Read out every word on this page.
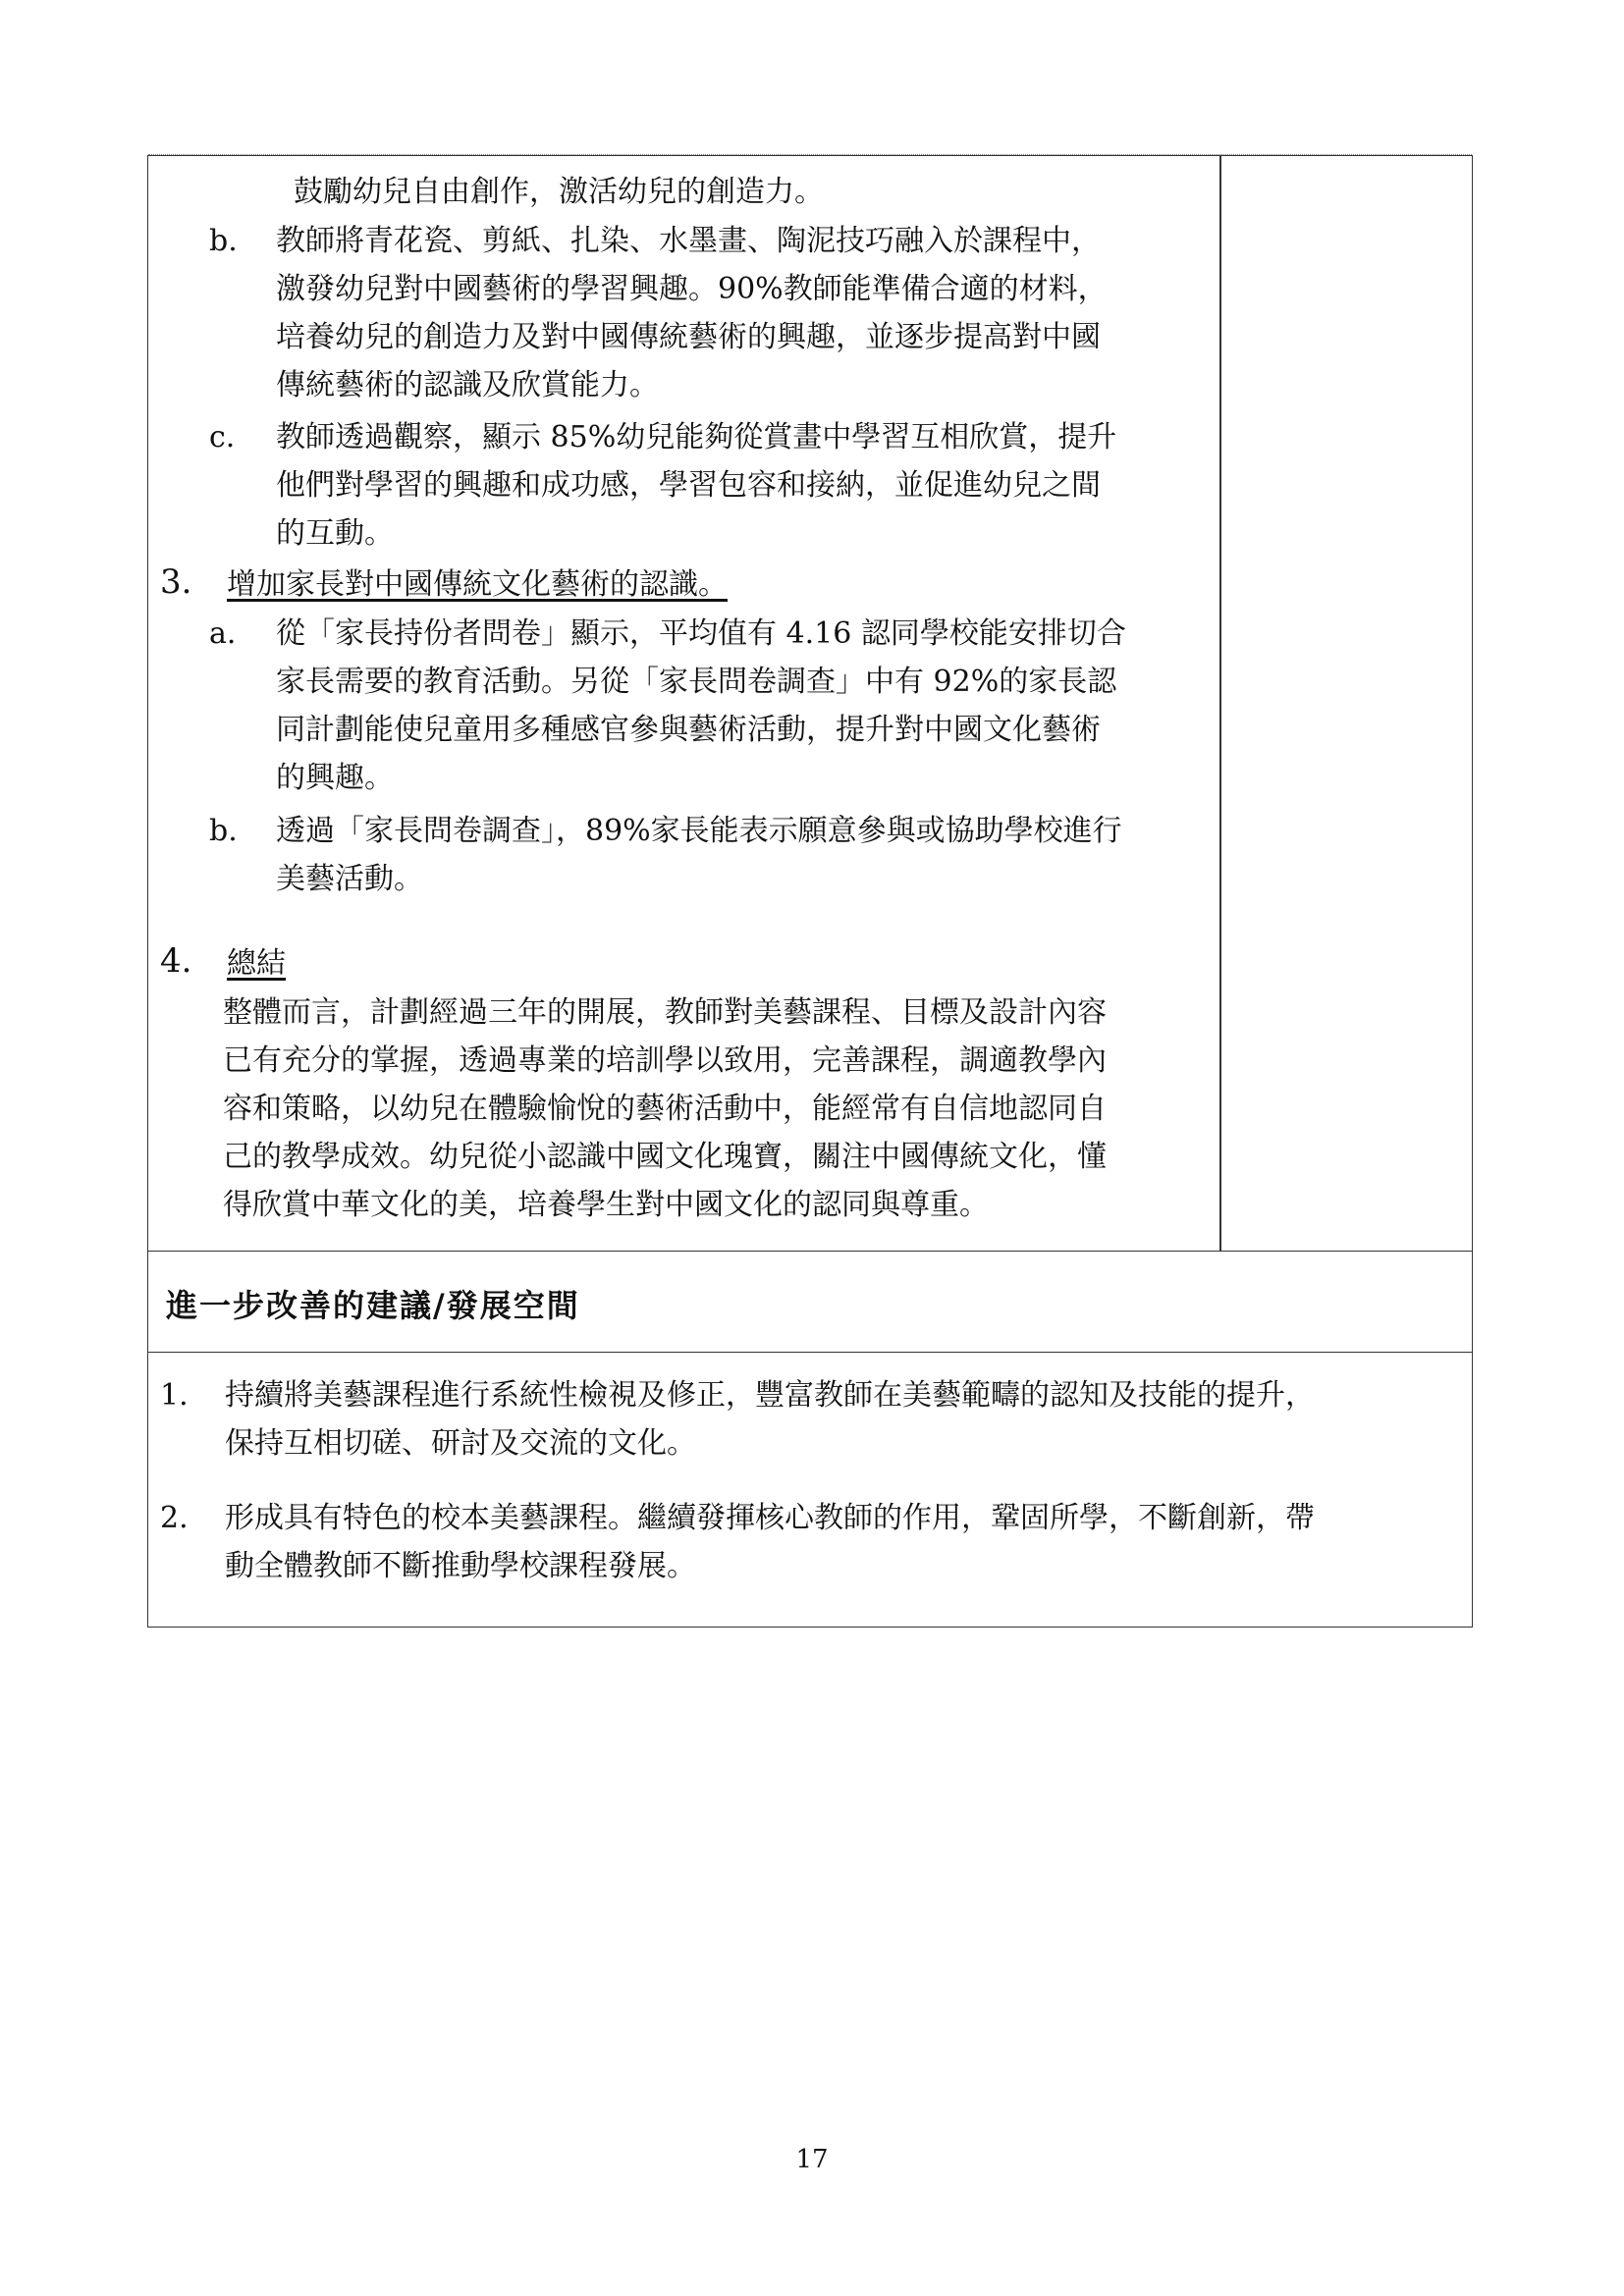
鼓勵幼兒自由創作，激活幼兒的創造力。
b. 教師將青花瓷、剪紙、扎染、水墨畫、陶泥技巧融入於課程中，
激發幼兒對中國藝術的學習興趣。90%教師能準備合適的材料，
培養幼兒的創造力及對中國傳統藝術的興趣，並逐步提高對中國
傳統藝術的認識及欣賞能力。
c. 教師透過觀察，顯示 85%幼兒能夠從賞畫中學習互相欣賞，提升
他們對學習的興趣和成功感，學習包容和接納，並促進幼兒之間
的互動。
3. 增加家長對中國傳統文化藝術的認識。
a. 從「家長持份者問卷」顯示，平均值有 4.16 認同學校能安排切合
家長需要的教育活動。另從「家長問卷調查」中有 92%的家長認
同計劃能使兒童用多種感官參與藝術活動，提升對中國文化藝術
的興趣。
b. 透過「家長問卷調查」，89%家長能表示願意參與或協助學校進行
美藝活動。
4. 總結
整體而言，計劃經過三年的開展，教師對美藝課程、目標及設計內容
已有充分的掌握，透過專業的培訓學以致用，完善課程，調適教學內
容和策略，以幼兒在體驗愉悅的藝術活動中，能經常有自信地認同自
己的教學成效。幼兒從小認識中國文化瑰寶，關注中國傳統文化，懂
得欣賞中華文化的美，培養學生對中國文化的認同與尊重。
進一步改善的建議/發展空間
1. 持續將美藝課程進行系統性檢視及修正，豐富教師在美藝範疇的認知及技能的提升，
保持互相切磋、研討及交流的文化。
2. 形成具有特色的校本美藝課程。繼續發揮核心教師的作用，鞏固所學，不斷創新，帶
動全體教師不斷推動學校課程發展。
17
